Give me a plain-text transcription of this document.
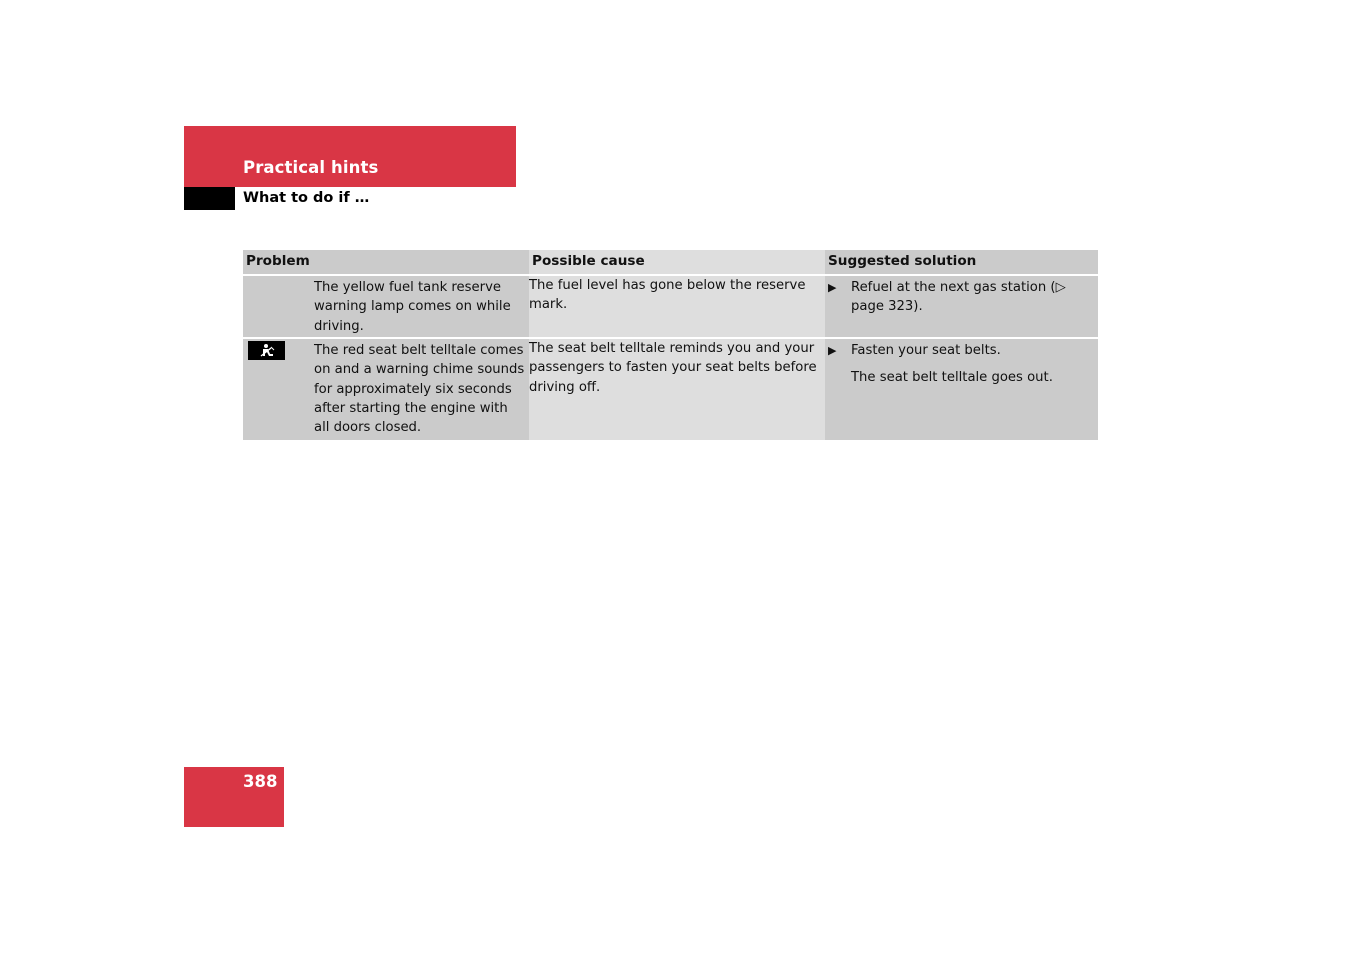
Practical hints
What to do if …
Problem	Possible cause	Suggested solution

The yellow fuel tank reserve warning lamp comes on while driving.	The fuel level has gone below the reserve mark.	▶ Refuel at the next gas station (▷ page 323).

The red seat belt telltale comes on and a warning chime sounds for approximately six seconds after starting the engine with all doors closed.	The seat belt telltale reminds you and your passengers to fasten your seat belts before driving off.	▶ Fasten your seat belts.
The seat belt telltale goes out.
388
